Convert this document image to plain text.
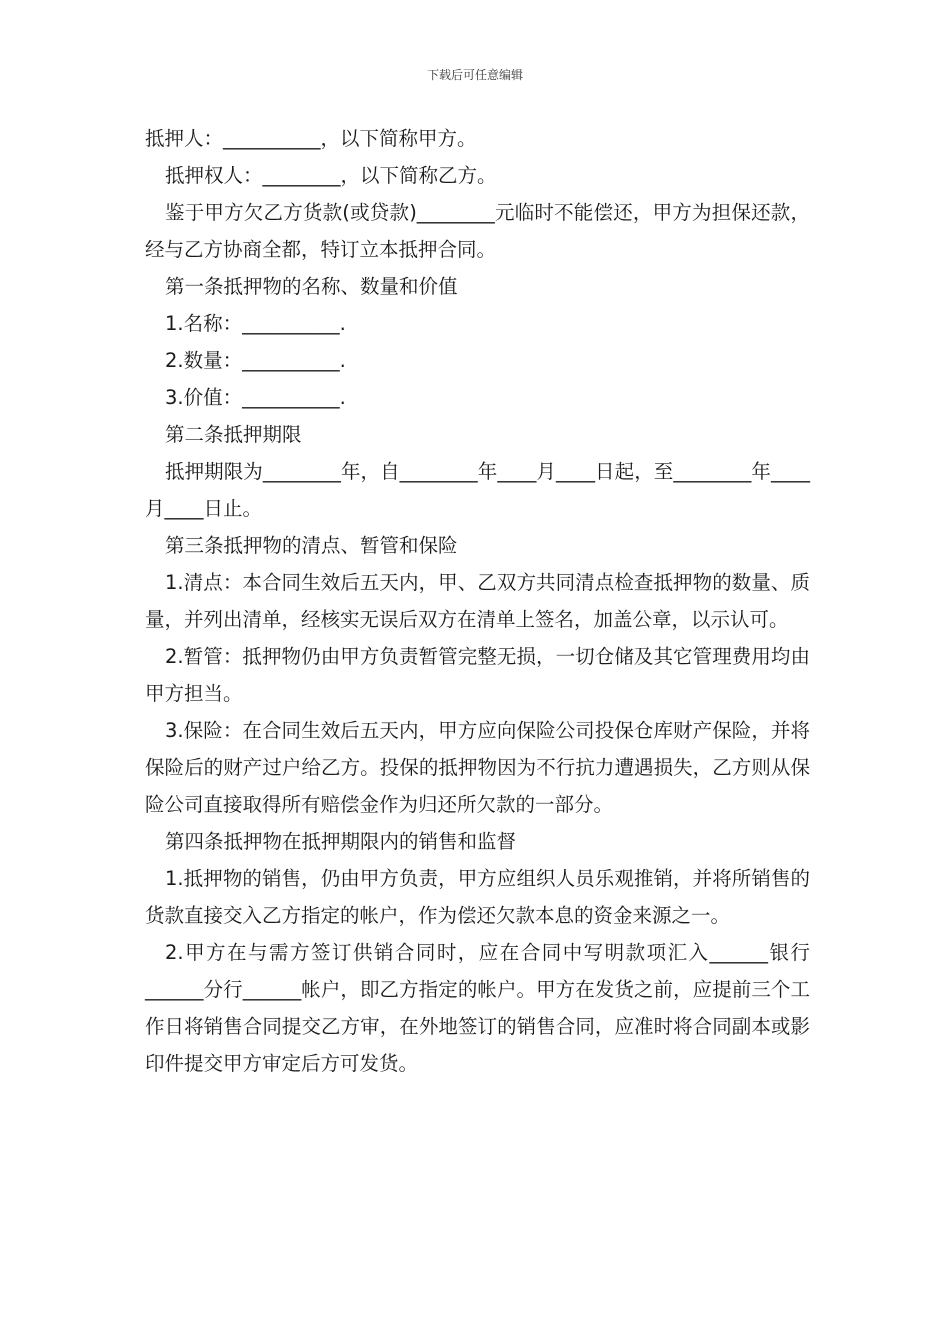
下载后可任意编辑

抵押人：__________，以下简称甲方。

抵押权人：________，以下简称乙方。

鉴于甲方欠乙方货款(或贷款)________元临时不能偿还，甲方为担保还款，经与乙方协商全都，特订立本抵押合同。

第一条抵押物的名称、数量和价值

1.名称：__________.

2.数量：__________.

3.价值：__________.

第二条抵押期限

抵押期限为________年，自________年____月____日起，至________年____月____日止。

第三条抵押物的清点、暂管和保险

1.清点：本合同生效后五天内，甲、乙双方共同清点检查抵押物的数量、质量，并列出清单，经核实无误后双方在清单上签名，加盖公章，以示认可。

2.暂管：抵押物仍由甲方负责暂管完整无损，一切仓储及其它管理费用均由甲方担当。

3.保险：在合同生效后五天内，甲方应向保险公司投保仓库财产保险，并将保险后的财产过户给乙方。投保的抵押物因为不行抗力遭遇损失，乙方则从保险公司直接取得所有赔偿金作为归还所欠款的一部分。

第四条抵押物在抵押期限内的销售和监督

1.抵押物的销售，仍由甲方负责，甲方应组织人员乐观推销，并将所销售的货款直接交入乙方指定的帐户，作为偿还欠款本息的资金来源之一。

2.甲方在与需方签订供销合同时，应在合同中写明款项汇入______银行______分行______帐户，即乙方指定的帐户。甲方在发货之前，应提前三个工作日将销售合同提交乙方审，在外地签订的销售合同，应准时将合同副本或影印件提交甲方审定后方可发货。
